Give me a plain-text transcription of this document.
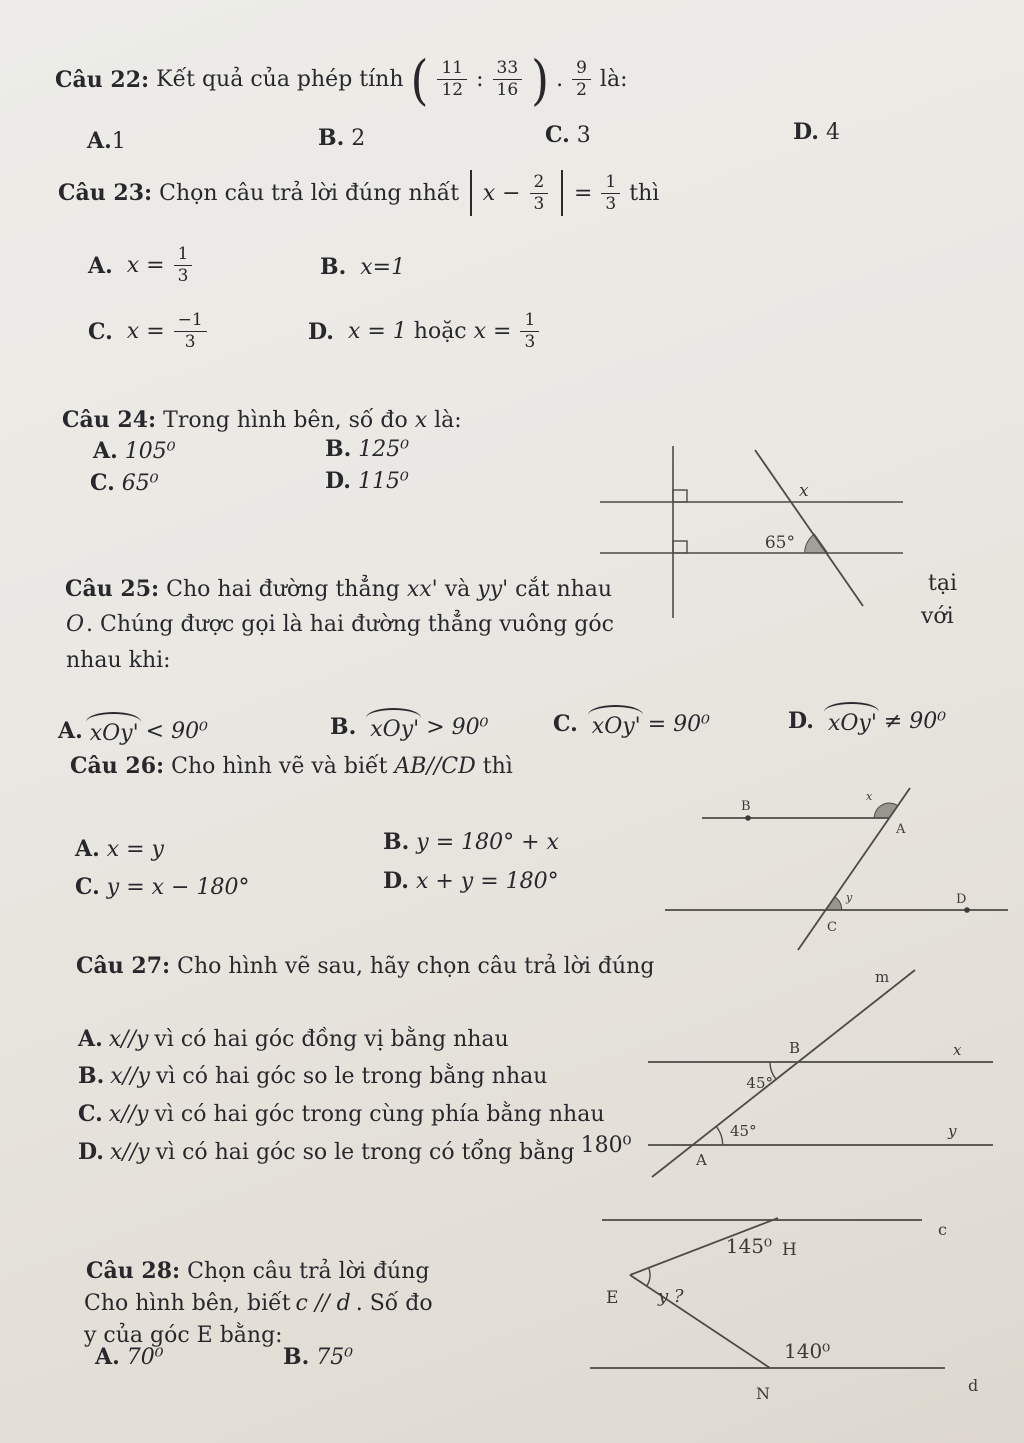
Câu 22: Kết quả của phép tính ( $\frac{11}{12}$ : $\frac{33}{16}$ ) . $\frac{9}{2}$ là:
A.1	B. 2	C. 3	D. 4
Câu 23: Chọn câu trả lời đúng nhất $x - \frac{2}{3} = \frac{1}{3}$ thì
A. $x = \frac{1}{3}$	B. x=1
C. $x = \frac{-1}{3}$	D. x = 1 hoặc $x = \frac{1}{3}$
Câu 24: Trong hình bên, số đo x là:
A. 105⁰	B. 125⁰
C. 65⁰	D. 115⁰	x
65°
Câu 25: Cho hai đường thẳng xx' và yy' cắt nhau	tại
O . Chúng được gọi là hai đường thẳng vuông góc	với
nhau khi:
A. xOy' < 90⁰	B. xOy' > 90⁰	C. xOy' = 90⁰	D. xOy' ≠ 90⁰
Câu 26: Cho hình vẽ và biết AB//CD thì
A. x = y	B. y = 180° + x
C. y = x − 180°	D. x + y = 180°
B
x
A
y
C
D
Câu 27: Cho hình vẽ sau, hãy chọn câu trả lời đúng
A. x//y vì có hai góc đồng vị bằng nhau
B. x//y vì có hai góc so le trong bằng nhau
C. x//y vì có hai góc trong cùng phía bằng nhau
D. x//y vì có hai góc so le trong có tổng bằng 180⁰
m
x
B
45°
y
A
45°
Câu 28: Chọn câu trả lời đúng
Cho hình bên, biết c // d . Số đo
y của góc E bằng:
A. 70⁰	B. 75⁰
c
145⁰ H
E y ?
140⁰
N	d
